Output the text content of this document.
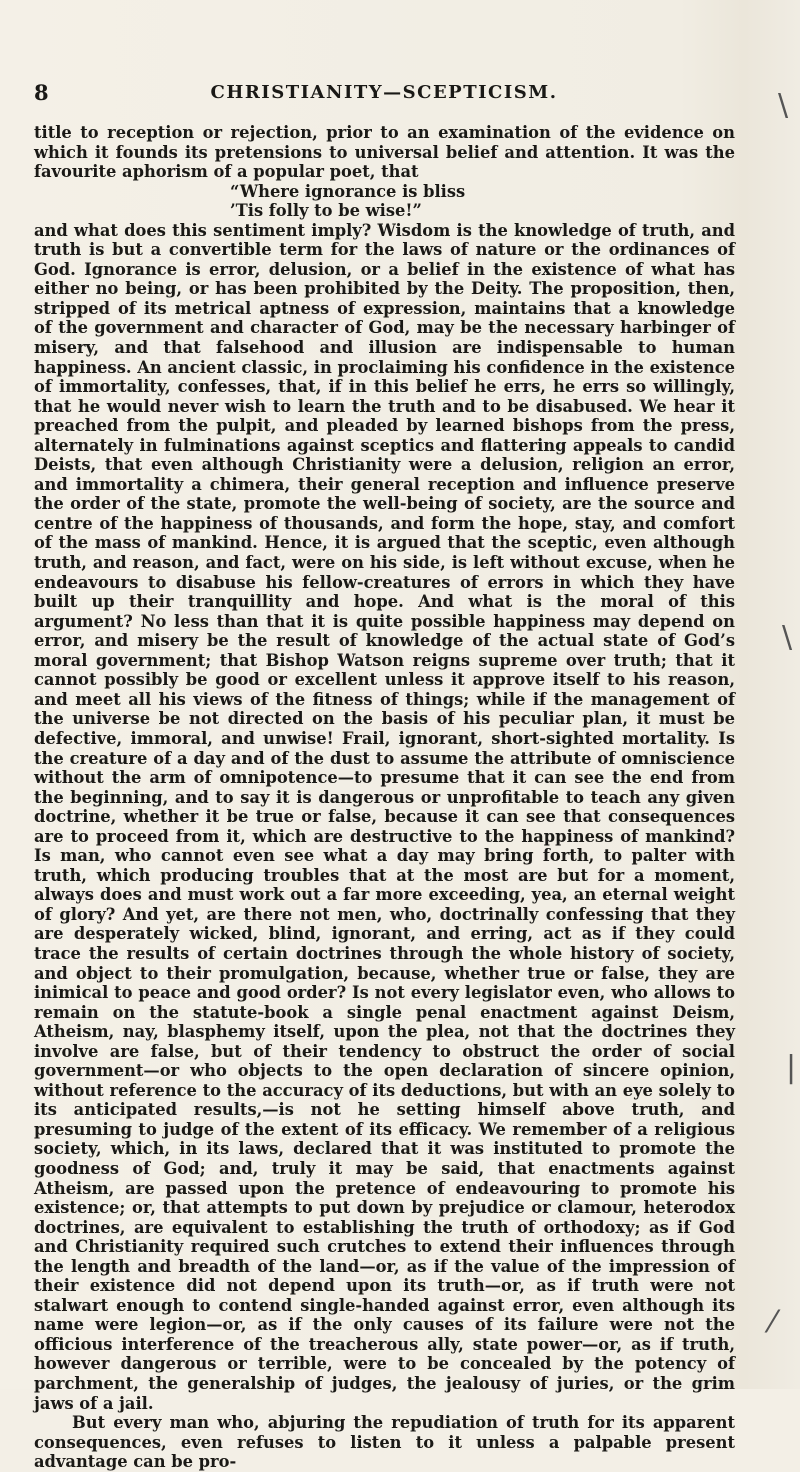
8	CHRISTIANITY—SCEPTICISM.

title to reception or rejection, prior to an examination of the evidence on which it founds its pretensions to universal belief and attention. It was the favourite aphorism of a popular poet, that

“Where ignorance is bliss

’Tis folly to be wise!”

and what does this sentiment imply? Wisdom is the knowledge of truth, and truth is but a convertible term for the laws of nature or the ordinances of God. Ignorance is error, delusion, or a belief in the existence of what has either no being, or has been prohibited by the Deity. The proposition, then, stripped of its metrical aptness of expression, maintains that a knowledge of the government and character of God, may be the necessary harbinger of misery, and that falsehood and illusion are indispensable to human happiness. An ancient classic, in proclaiming his confidence in the existence of immortality, confesses, that, if in this belief he errs, he errs so willingly, that he would never wish to learn the truth and to be disabused. We hear it preached from the pulpit, and pleaded by learned bishops from the press, alternately in fulminations against sceptics and flattering appeals to candid Deists, that even although Christianity were a delusion, religion an error, and immortality a chimera, their general reception and influence preserve the order of the state, promote the well-being of society, are the source and centre of the happiness of thousands, and form the hope, stay, and comfort of the mass of mankind. Hence, it is argued that the sceptic, even although truth, and reason, and fact, were on his side, is left without excuse, when he endeavours to disabuse his fellow-creatures of errors in which they have built up their tranquillity and hope. And what is the moral of this argument? No less than that it is quite possible happiness may depend on error, and misery be the result of knowledge of the actual state of God’s moral government; that Bishop Watson reigns supreme over truth; that it cannot possibly be good or excellent unless it approve itself to his reason, and meet all his views of the fitness of things; while if the management of the universe be not directed on the basis of his peculiar plan, it must be defective, immoral, and unwise! Frail, ignorant, short-sighted mortality. Is the creature of a day and of the dust to assume the attribute of omniscience without the arm of omnipotence—to presume that it can see the end from the beginning, and to say it is dangerous or unprofitable to teach any given doctrine, whether it be true or false, because it can see that consequences are to proceed from it, which are destructive to the happiness of mankind? Is man, who cannot even see what a day may bring forth, to palter with truth, which producing troubles that at the most are but for a moment, always does and must work out a far more exceeding, yea, an eternal weight of glory? And yet, are there not men, who, doctrinally confessing that they are desperately wicked, blind, ignorant, and erring, act as if they could trace the results of certain doctrines through the whole history of society, and object to their promulgation, because, whether true or false, they are inimical to peace and good order? Is not every legislator even, who allows to remain on the statute-book a single penal enactment against Deism, Atheism, nay, blasphemy itself, upon the plea, not that the doctrines they involve are false, but of their tendency to obstruct the order of social government—or who objects to the open declaration of sincere opinion, without reference to the accuracy of its deductions, but with an eye solely to its anticipated results,—is not he setting himself above truth, and presuming to judge of the extent of its efficacy. We remember of a religious society, which, in its laws, declared that it was instituted to promote the goodness of God; and, truly it may be said, that enactments against Atheism, are passed upon the pretence of endeavouring to promote his existence; or, that attempts to put down by prejudice or clamour, heterodox doctrines, are equivalent to establishing the truth of orthodoxy; as if God and Christianity required such crutches to extend their influences through the length and breadth of the land—or, as if the value of the impression of their existence did not depend upon its truth—or, as if truth were not stalwart enough to contend single-handed against error, even although its name were legion—or, as if the only causes of its failure were not the officious interference of the treacherous ally, state power—or, as if truth, however dangerous or terrible, were to be concealed by the potency of parchment, the generalship of judges, the jealousy of juries, or the grim jaws of a jail.

But every man who, abjuring the repudiation of truth for its apparent consequences, even refuses to listen to it unless a palpable present advantage can be pro-

\
\
|
⁄
